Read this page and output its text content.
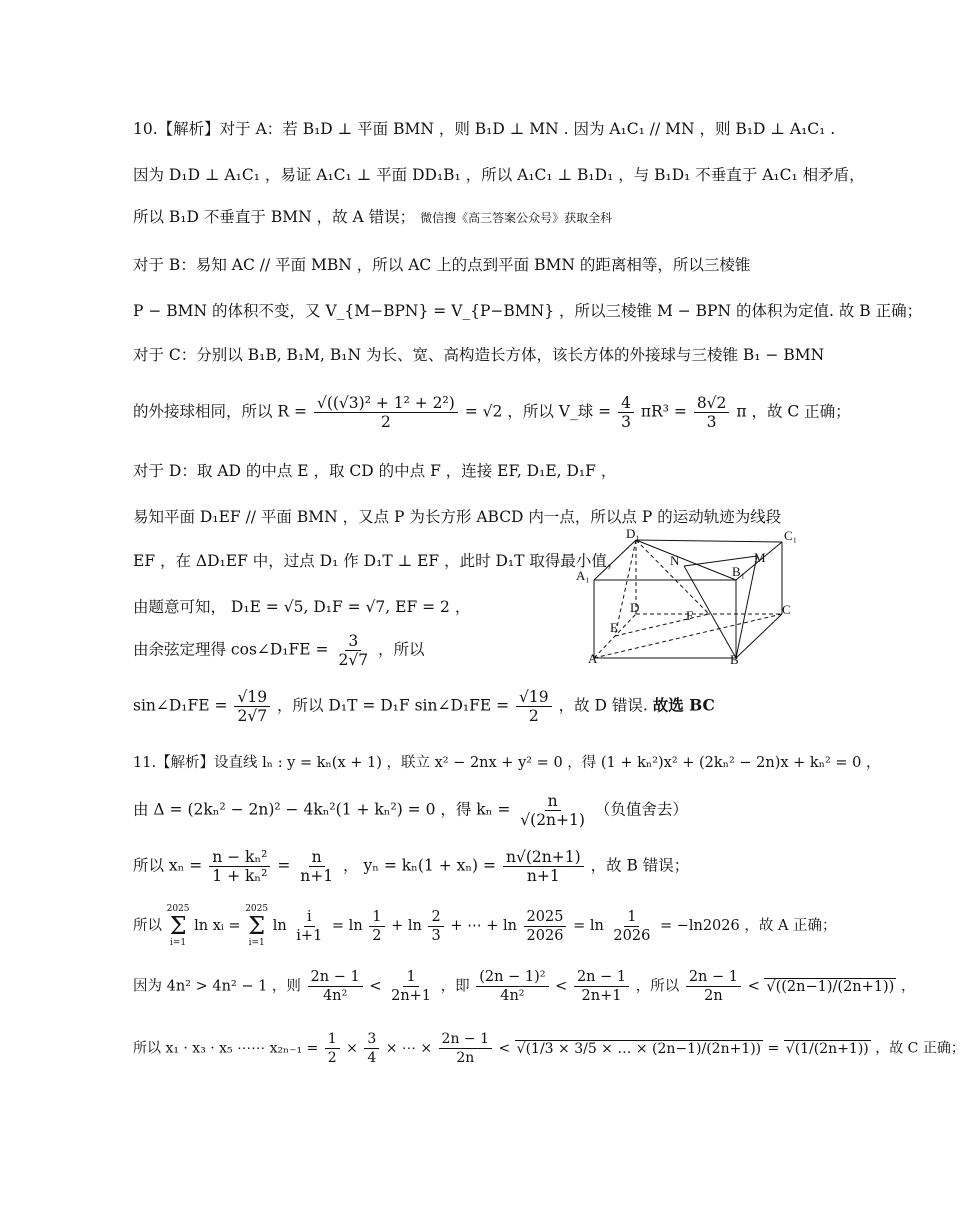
10.【解析】对于 A：若 B₁D ⊥ 平面 BMN ，则 B₁D ⊥ MN . 因为 A₁C₁ // MN ，则 B₁D ⊥ A₁C₁ .
因为 D₁D ⊥ A₁C₁ ，易证 A₁C₁ ⊥ 平面 DD₁B₁ ，所以 A₁C₁ ⊥ B₁D₁ ，与 B₁D₁ 不垂直于 A₁C₁ 相矛盾，
所以 B₁D 不垂直于 BMN ，故 A 错误； 微信搜《高三答案公众号》获取全科
对于 B：易知 AC // 平面 MBN ，所以 AC 上的点到平面 BMN 的距离相等，所以三棱锥
P − BMN 的体积不变，又 V_{M−BPN} = V_{P−BMN} ，所以三棱锥 M − BPN 的体积为定值. 故 B 正确；
对于 C：分别以 B₁B, B₁M, B₁N 为长、宽、高构造长方体，该长方体的外接球与三棱锥 B₁ − BMN
的外接球相同，所以 $R = \frac{\text{√((√3)² + 1² + 2²)}}{2} = √2$ ，所以 V_球 = $\frac{4}{3} \pi R^3 = \frac{8√2}{3}$ π ，故 C 正确；
对于 D：取 AD 的中点 E ，取 CD 的中点 F ，连接 EF, D₁E, D₁F ，
易知平面 D₁EF // 平面 BMN ，又点 P 为长方形 ABCD 内一点，所以点 P 的运动轨迹为线段
EF ，在 ΔD₁EF 中，过点 D₁ 作 D₁T ⊥ EF ，此时 D₁T 取得最小值，
由题意可知， D₁E = √5, D₁F = √7, EF = 2 ，
由余弦定理得 cos∠D₁FE = $\frac{3}{2√7}$ ，所以
sin∠D₁FE = $\frac{√19}{2√7}$ ，所以 D₁T = D₁F sin∠D₁FE = $\frac{√19}{2}$ ，故 D 错误. 故选 BC
11.【解析】设直线 lₙ : y = kₙ(x + 1) ，联立 x² − 2nx + y² = 0 ，得 (1 + kₙ²)x² + (2kₙ² − 2n)x + kₙ² = 0 ，
由 Δ = (2kₙ² − 2n)² − 4kₙ²(1 + kₙ²) = 0 ，得 $k_n = \frac{n}{√(2n+1)}$ （负值舍去）
所以 $x_n = \frac{\text{n − kₙ²}}{\text{1 + kₙ²}} = \frac{n}{n+1}$ ， $y_n = k_n(1 + x_n) = \frac{n√(2n+1)}{n+1}$ ，故 B 错误；
所以
2025
Σ
i=1
ln xᵢ =
2025
Σ
i=1
$\ln \frac{i}{i+1} = \ln \frac{1}{2} + \ln \frac{2}{3}$ + ⋯ + $\ln \frac{2025}{2026} = \ln \frac{1}{2026} = -\ln 2026$ ，故 A 正确；
因为 4n² > 4n² − 1 ，则 $\frac{2n - 1}{\text{4n²}} < \frac{1}{2n+1}$ ，即 $\frac{\text{(2n − 1)²}}{\text{4n²}} < \frac{2n - 1}{2n+1}$ ，所以 $\frac{2n - 1}{2n} < √((2n-1)/(2n+1))$ ，
所以 x₁ · x₃ · x₅ ⋯⋯ $x_{2n-1} = \frac{1}{2} \times \frac{3}{4}$ × ⋯ × $\frac{2n - 1}{2n} < √(1/3 \times 3/5$ × … × (2n−1)/(2n+1)) = √(1/(2n+1)) ，故 C 正确；
D₁	C₁
A₁
N
B₁
M
D
F	C
E
A	B
